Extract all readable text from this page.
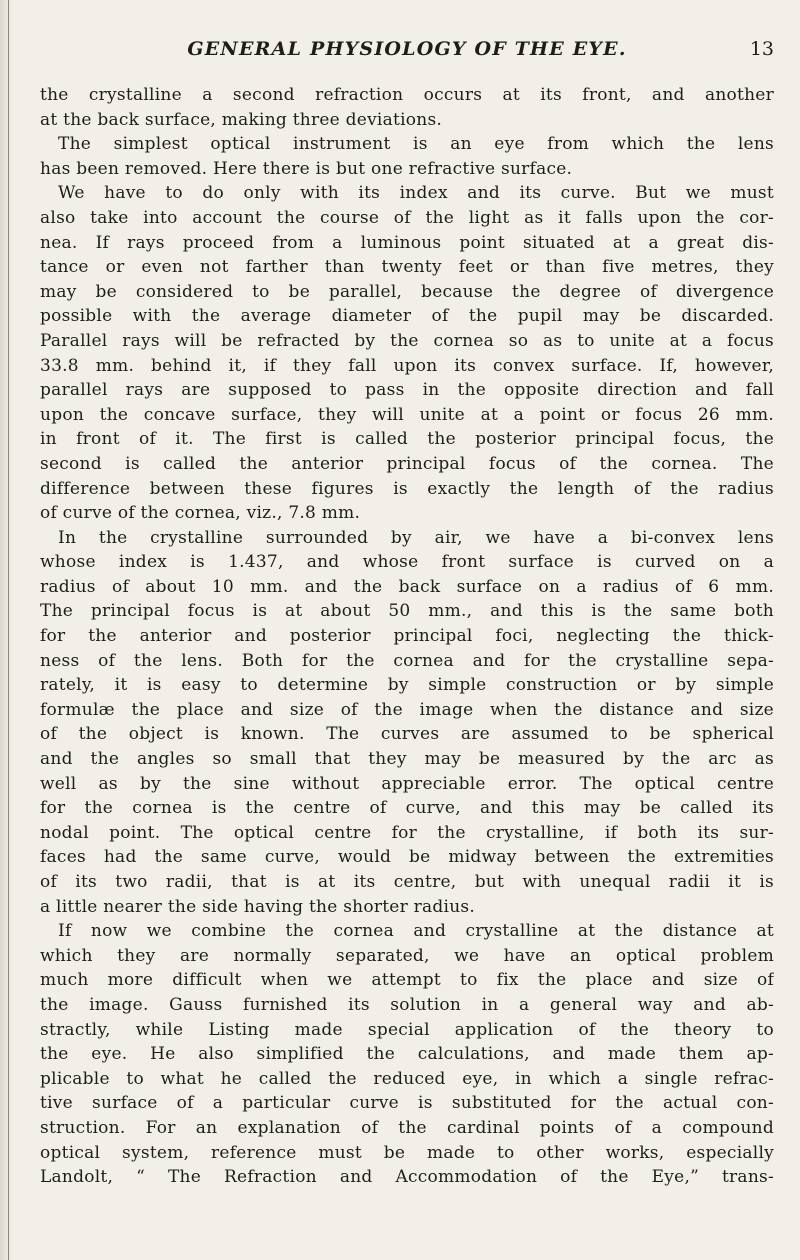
GENERAL PHYSIOLOGY OF THE EYE.	13
the crystalline a second refraction occurs at its front, and another
at the back surface, making three deviations.
The simplest optical instrument is an eye from which the lens
has been removed. Here there is but one refractive surface.
We have to do only with its index and its curve. But we must
also take into account the course of the light as it falls upon the cor-
nea. If rays proceed from a luminous point situated at a great dis-
tance or even not farther than twenty feet or than five metres, they
may be considered to be parallel, because the degree of divergence
possible with the average diameter of the pupil may be discarded.
Parallel rays will be refracted by the cornea so as to unite at a focus
33.8 mm. behind it, if they fall upon its convex surface. If, however,
parallel rays are supposed to pass in the opposite direction and fall
upon the concave surface, they will unite at a point or focus 26 mm.
in front of it. The first is called the posterior principal focus, the
second is called the anterior principal focus of the cornea. The
difference between these figures is exactly the length of the radius
of curve of the cornea, viz., 7.8 mm.
In the crystalline surrounded by air, we have a bi-convex lens
whose index is 1.437, and whose front surface is curved on a
radius of about 10 mm. and the back surface on a radius of 6 mm.
The principal focus is at about 50 mm., and this is the same both
for the anterior and posterior principal foci, neglecting the thick-
ness of the lens. Both for the cornea and for the crystalline sepa-
rately, it is easy to determine by simple construction or by simple
formulæ the place and size of the image when the distance and size
of the object is known. The curves are assumed to be spherical
and the angles so small that they may be measured by the arc as
well as by the sine without appreciable error. The optical centre
for the cornea is the centre of curve, and this may be called its
nodal point. The optical centre for the crystalline, if both its sur-
faces had the same curve, would be midway between the extremities
of its two radii, that is at its centre, but with unequal radii it is
a little nearer the side having the shorter radius.
If now we combine the cornea and crystalline at the distance at
which they are normally separated, we have an optical problem
much more difficult when we attempt to fix the place and size of
the image. Gauss furnished its solution in a general way and ab-
stractly, while Listing made special application of the theory to
the eye. He also simplified the calculations, and made them ap-
plicable to what he called the reduced eye, in which a single refrac-
tive surface of a particular curve is substituted for the actual con-
struction. For an explanation of the cardinal points of a compound
optical system, reference must be made to other works, especially
Landolt, “ The Refraction and Accommodation of the Eye,” trans-
